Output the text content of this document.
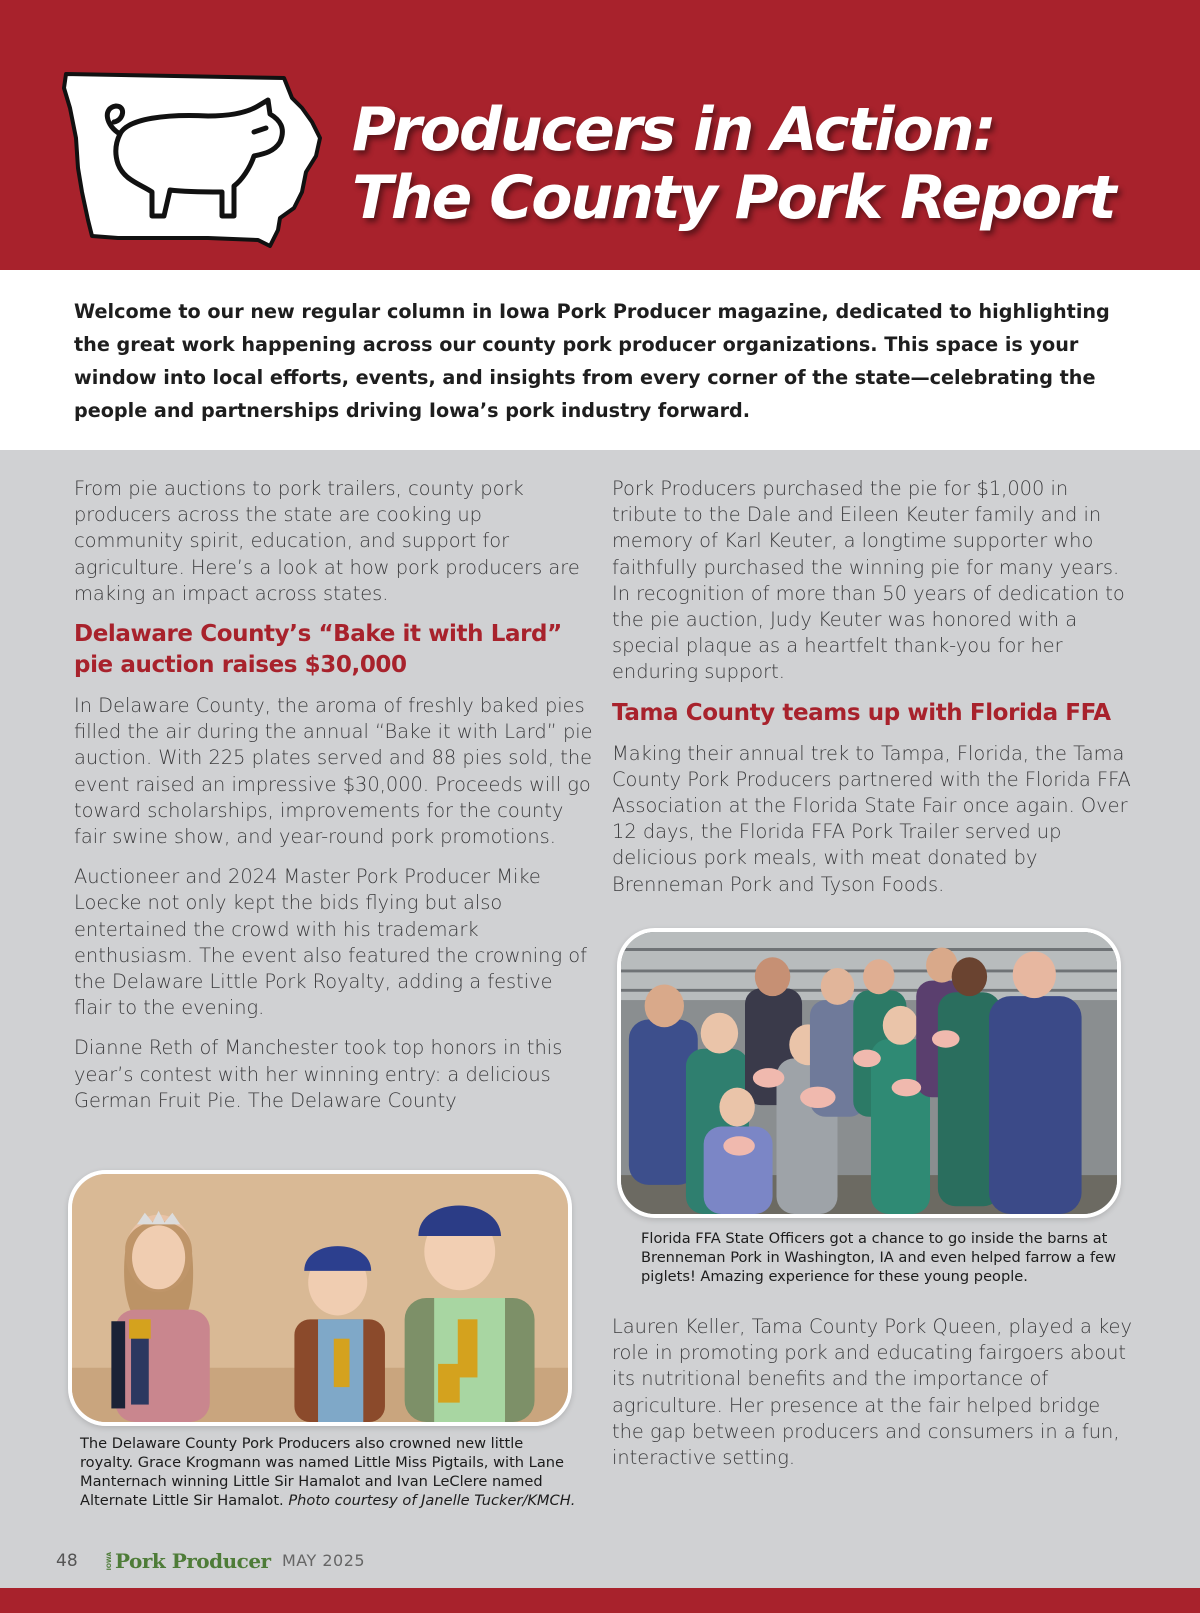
Producers in Action:
The County Pork Report

Welcome to our new regular column in Iowa Pork Producer magazine, dedicated to highlighting the great work happening across our county pork producer organizations. This space is your window into local efforts, events, and insights from every corner of the state—celebrating the people and partnerships driving Iowa’s pork industry forward.

From pie auctions to pork trailers, county pork producers across the state are cooking up community spirit, education, and support for agriculture. Here’s a look at how pork producers are making an impact across states.

Delaware County’s “Bake it with Lard” pie auction raises $30,000

In Delaware County, the aroma of freshly baked pies filled the air during the annual “Bake it with Lard” pie auction. With 225 plates served and 88 pies sold, the event raised an impressive $30,000. Proceeds will go toward scholarships, improvements for the county fair swine show, and year-round pork promotions.

Auctioneer and 2024 Master Pork Producer Mike Loecke not only kept the bids flying but also entertained the crowd with his trademark enthusiasm. The event also featured the crowning of the Delaware Little Pork Royalty, adding a festive flair to the evening.

Dianne Reth of Manchester took top honors in this year’s contest with her winning entry: a delicious German Fruit Pie. The Delaware County

Pork Producers purchased the pie for $1,000 in tribute to the Dale and Eileen Keuter family and in memory of Karl Keuter, a longtime supporter who faithfully purchased the winning pie for many years. In recognition of more than 50 years of dedication to the pie auction, Judy Keuter was honored with a special plaque as a heartfelt thank-you for her enduring support.

Tama County teams up with Florida FFA

Making their annual trek to Tampa, Florida, the Tama County Pork Producers partnered with the Florida FFA Association at the Florida State Fair once again. Over 12 days, the Florida FFA Pork Trailer served up delicious pork meals, with meat donated by Brenneman Pork and Tyson Foods.

Lauren Keller, Tama County Pork Queen, played a key role in promoting pork and educating fairgoers about its nutritional benefits and the importance of agriculture. Her presence at the fair helped bridge the gap between producers and consumers in a fun, interactive setting.

The Delaware County Pork Producers also crowned new little royalty. Grace Krogmann was named Little Miss Pigtails, with Lane Manternach winning Little Sir Hamalot and Ivan LeClere named Alternate Little Sir Hamalot. Photo courtesy of Janelle Tucker/KMCH.
Florida FFA State Officers got a chance to go inside the barns at Brenneman Pork in Washington, IA and even helped farrow a few piglets! Amazing experience for these young people.
48	IOWA Pork Producer MAY 2025
